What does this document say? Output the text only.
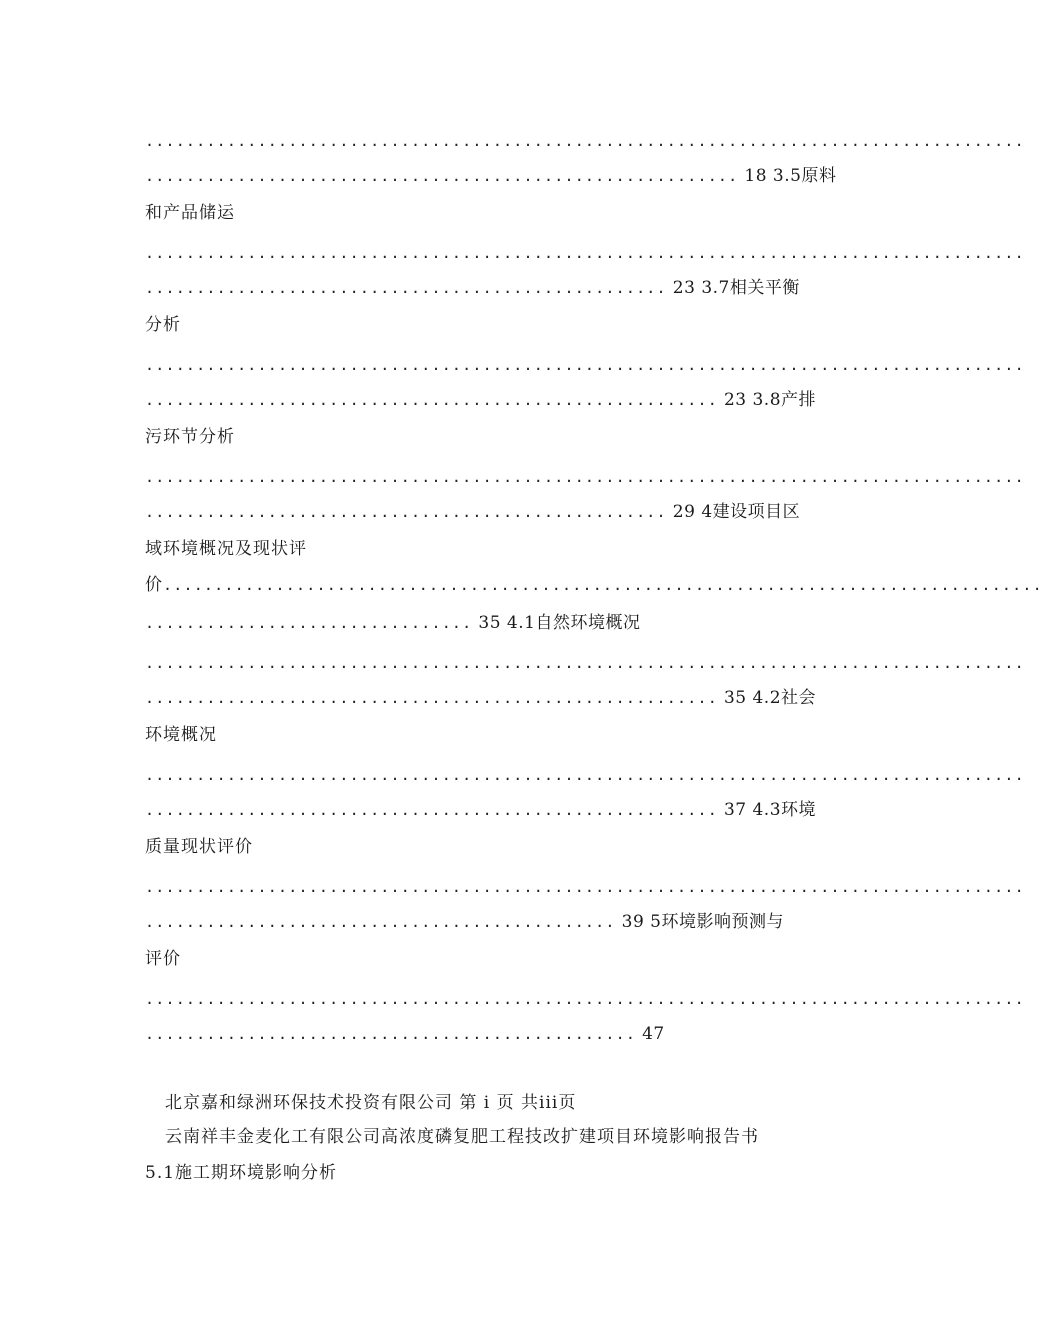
......................................................................................
.......................................................... 18 3.5原料
和产品储运
......................................................................................
................................................... 23 3.7相关平衡
分析
......................................................................................
........................................................ 23 3.8产排
污环节分析
......................................................................................
................................................... 29 4建设项目区
域环境概况及现状评
价 ......................................................................................
................................ 35 4.1自然环境概况
......................................................................................
........................................................ 35 4.2社会
环境概况
......................................................................................
........................................................ 37 4.3环境
质量现状评价
......................................................................................
.............................................. 39 5环境影响预测与
评价
......................................................................................
................................................ 47
北京嘉和绿洲环保技术投资有限公司 第 i 页 共iii页
云南祥丰金麦化工有限公司高浓度磷复肥工程技改扩建项目环境影响报告书
5.1施工期环境影响分析
